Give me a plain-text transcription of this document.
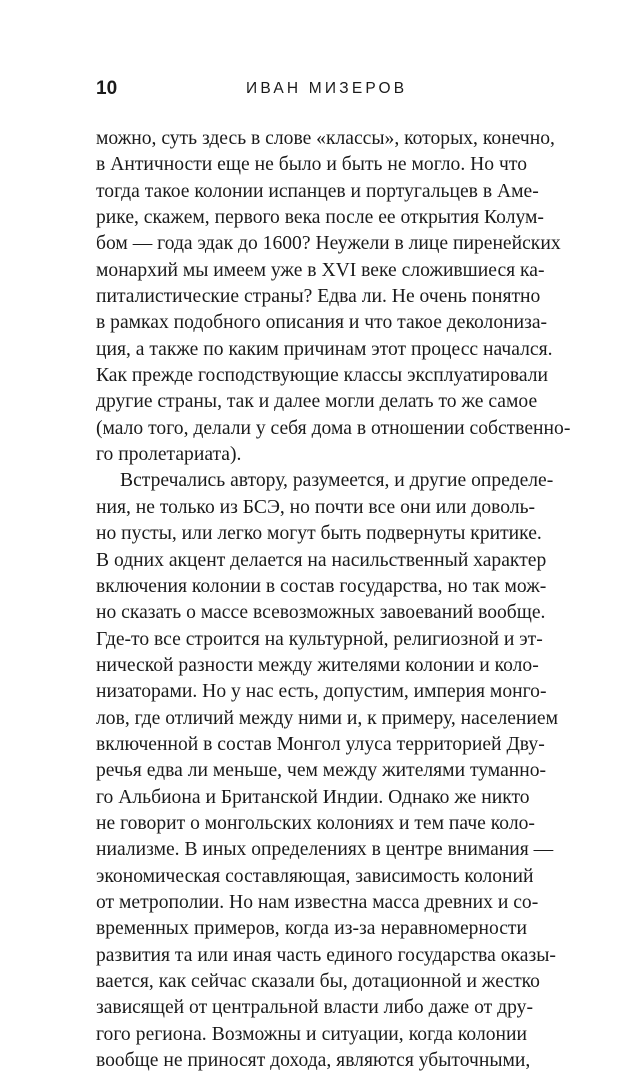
10	ИВАН МИЗЕРОВ
можно, суть здесь в слове «классы», которых, конечно,
в Античности еще не было и быть не могло. Но что
тогда такое колонии испанцев и португальцев в Аме-
рике, скажем, первого века после ее открытия Колум-
бом — года эдак до 1600? Неужели в лице пиренейских
монархий мы имеем уже в XVI веке сложившиеся ка-
питалистические страны? Едва ли. Не очень понятно
в рамках подобного описания и что такое деколониза-
ция, а также по каким причинам этот процесс начался.
Как прежде господствующие классы эксплуатировали
другие страны, так и далее могли делать то же самое
(мало того, делали у себя дома в отношении собственно-
го пролетариата).
Встречались автору, разумеется, и другие определе-
ния, не только из БСЭ, но почти все они или доволь-
но пусты, или легко могут быть подвернуты критике.
В одних акцент делается на насильственный характер
включения колонии в состав государства, но так мож-
но сказать о массе всевозможных завоеваний вообще.
Где-то все строится на культурной, религиозной и эт-
нической разности между жителями колонии и коло-
низаторами. Но у нас есть, допустим, империя монго-
лов, где отличий между ними и, к примеру, населением
включенной в состав Монгол улуса территорией Дву-
речья едва ли меньше, чем между жителями туманно-
го Альбиона и Британской Индии. Однако же никто
не говорит о монгольских колониях и тем паче коло-
ниализме. В иных определениях в центре внимания —
экономическая составляющая, зависимость колоний
от метрополии. Но нам известна масса древних и со-
временных примеров, когда из-за неравномерности
развития та или иная часть единого государства оказы-
вается, как сейчас сказали бы, дотационной и жестко
зависящей от центральной власти либо даже от дру-
гого региона. Возможны и ситуации, когда колонии
вообще не приносят дохода, являются убыточными,
